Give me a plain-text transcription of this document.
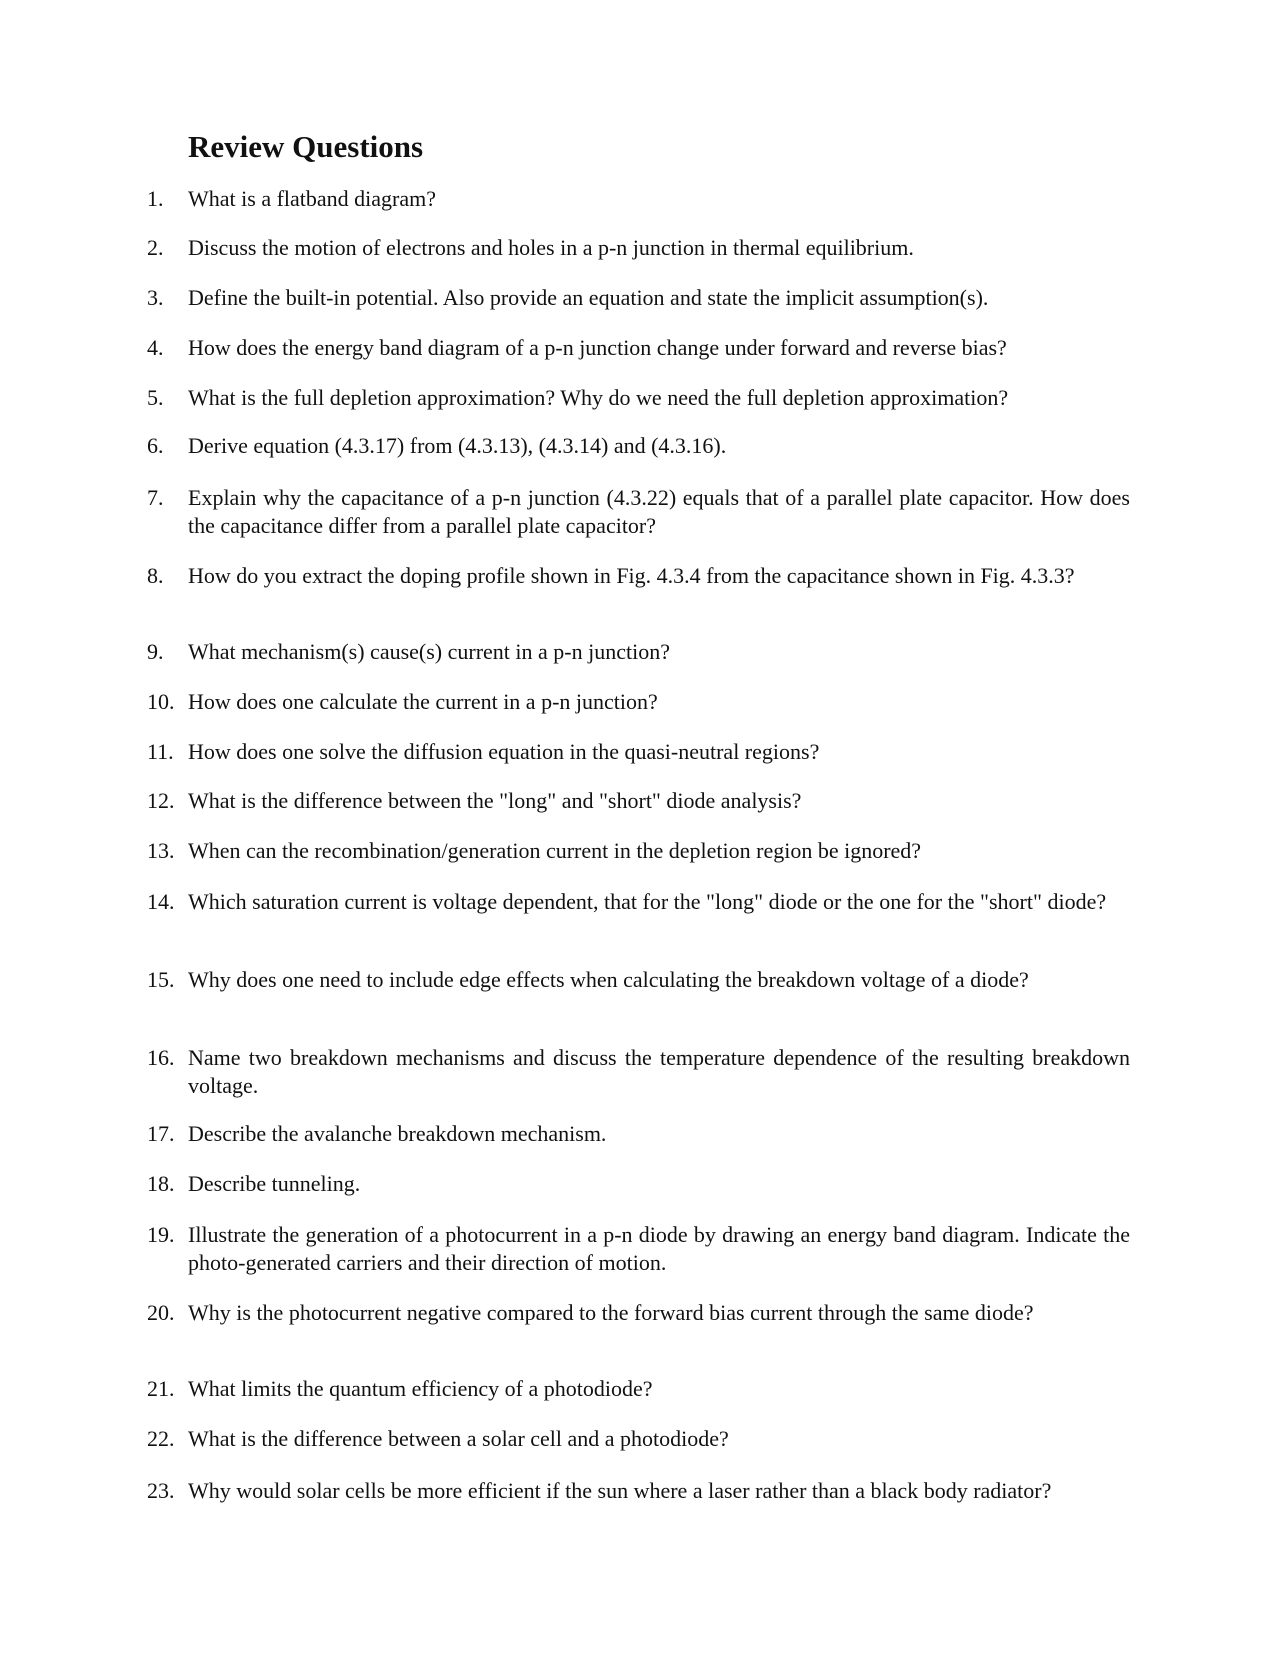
Review Questions
1.	What is a flatband diagram?
2.	Discuss the motion of electrons and holes in a p-n junction in thermal equilibrium.
3.	Define the built-in potential. Also provide an equation and state the implicit assumption(s).
4.	How does the energy band diagram of a p-n junction change under forward and reverse bias?
5.	What is the full depletion approximation? Why do we need the full depletion approximation?
6.	Derive equation (4.3.17) from (4.3.13), (4.3.14) and (4.3.16).
7.	Explain why the capacitance of a p-n junction (4.3.22) equals that of a parallel plate capacitor. How does the capacitance differ from a parallel plate capacitor?
8.	How do you extract the doping profile shown in Fig. 4.3.4 from the capacitance shown in Fig. 4.3.3?
9.	What mechanism(s) cause(s) current in a p-n junction?
10. How does one calculate the current in a p-n junction?
11. How does one solve the diffusion equation in the quasi-neutral regions?
12. What is the difference between the "long" and "short" diode analysis?
13. When can the recombination/generation current in the depletion region be ignored?
14. Which saturation current is voltage dependent, that for the "long" diode or the one for the "short" diode?
15. Why does one need to include edge effects when calculating the breakdown voltage of a diode?
16. Name two breakdown mechanisms and discuss the temperature dependence of the resulting breakdown voltage.
17. Describe the avalanche breakdown mechanism.
18. Describe tunneling.
19. Illustrate the generation of a photocurrent in a p-n diode by drawing an energy band diagram. Indicate the photo-generated carriers and their direction of motion.
20. Why is the photocurrent negative compared to the forward bias current through the same diode?
21. What limits the quantum efficiency of a photodiode?
22. What is the difference between a solar cell and a photodiode?
23. Why would solar cells be more efficient if the sun where a laser rather than a black body radiator?
